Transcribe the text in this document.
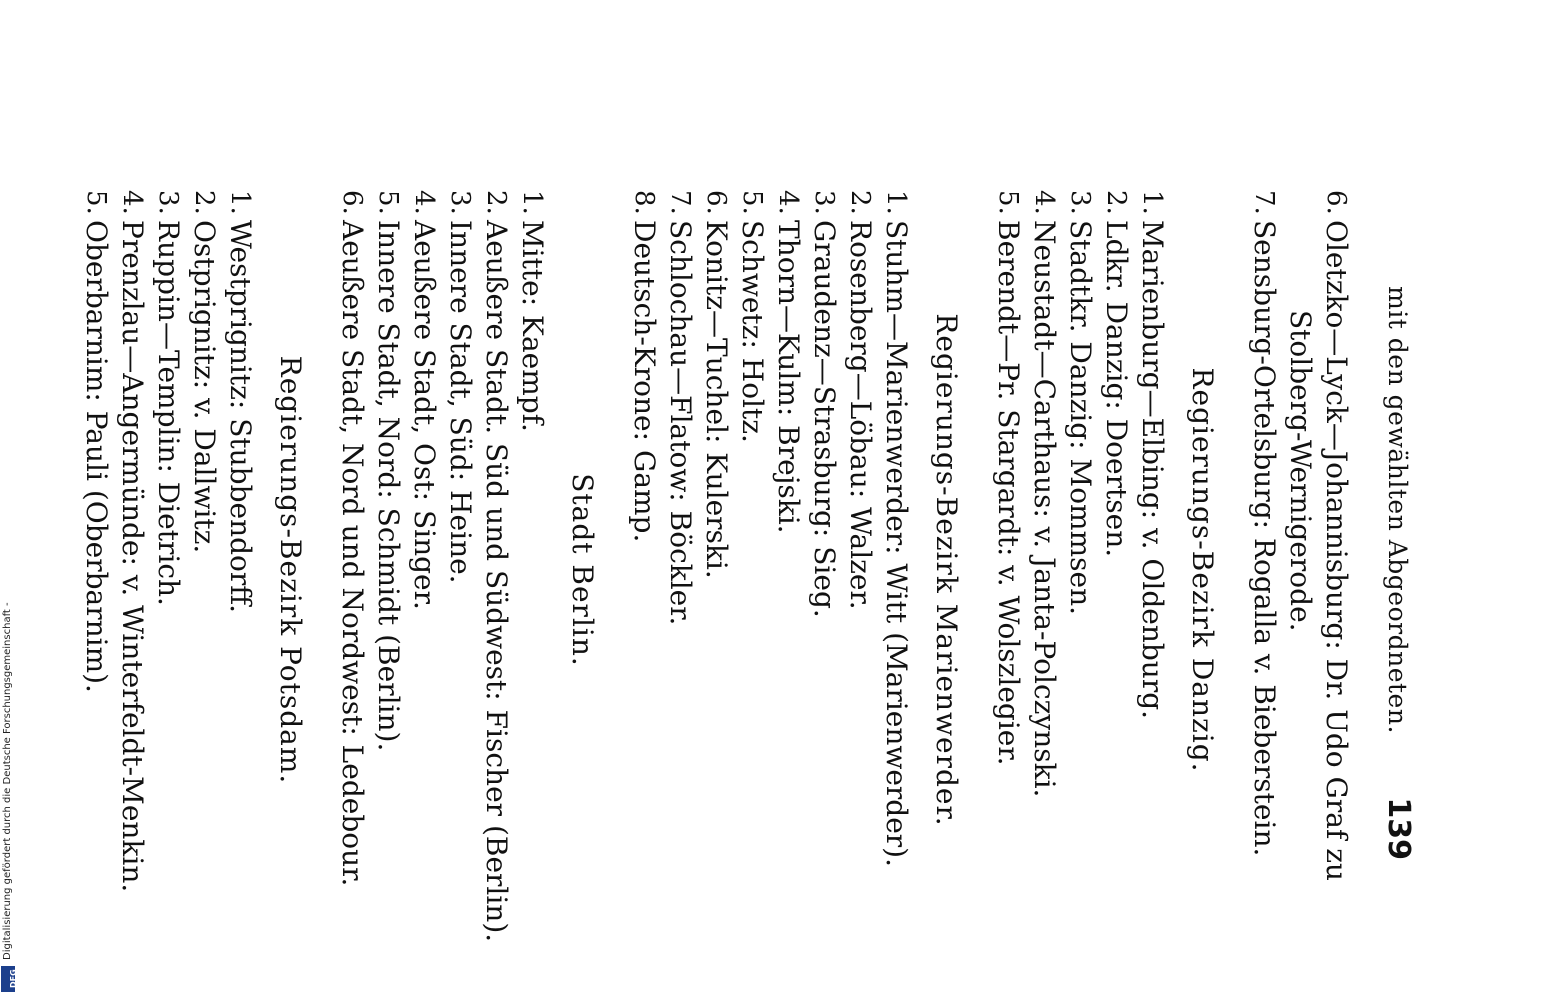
Digitalisierung gefördert durch die Deutsche Forschungsgemeinschaft -
DFG
mit den gewählten Abgeordneten.
139
6.
Oletzko—Lyck—Johannisburg: Dr. Udo Graf zu
Stolberg-Wernigerode.
7.
Sensburg-Ortelsburg: Rogalla v. Bieberstein.
Regierungs-Bezirk Danzig.
1.
Marienburg—Elbing: v. Oldenburg.
2.
Ldkr. Danzig: Doertsen.
3.
Stadtkr. Danzig: Mommsen.
4.
Neustadt—Carthaus: v. Janta-Polczynski.
5.
Berendt—Pr. Stargardt: v. Wolszlegier.
Regierungs-Bezirk Marienwerder.
1.
Stuhm—Marienwerder: Witt (Marienwerder).
2.
Rosenberg—Löbau: Walzer.
3.
Graudenz—Strasburg: Sieg.
4.
Thorn—Kulm: Brejski.
5.
Schwetz: Holtz.
6.
Konitz—Tuchel: Kulerski.
7.
Schlochau—Flatow: Böckler.
8.
Deutsch-Krone: Gamp.
Stadt Berlin.
1.
Mitte: Kaempf.
2.
Aeußere Stadt. Süd und Südwest: Fischer (Berlin).
3.
Innere Stadt, Süd: Heine.
4.
Aeußere Stadt, Ost: Singer.
5.
Innere Stadt, Nord: Schmidt (Berlin).
6.
Aeußere Stadt, Nord und Nordwest: Ledebour.
Regierungs-Bezirk Potsdam.
1.
Westprignitz: Stubbendorff.
2.
Ostprignitz: v. Dallwitz.
3.
Ruppin—Templin: Dietrich.
4.
Prenzlau—Angermünde: v. Winterfeldt-Menkin.
5.
Oberbarnim: Pauli (Oberbarnim).
